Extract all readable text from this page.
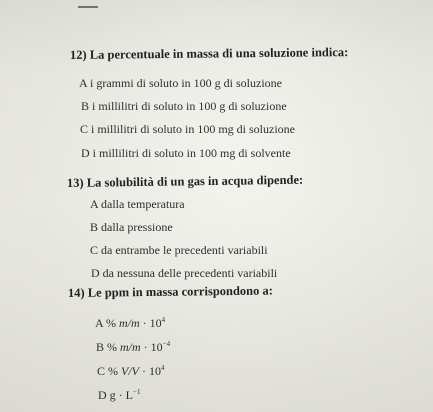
12) La percentuale in massa di una soluzione indica:
A i grammi di soluto in 100 g di soluzione
B i millilitri di soluto in 100 g di soluzione
C i millilitri di soluto in 100 mg di soluzione
D i millilitri di soluto in 100 mg di solvente
13) La solubilità di un gas in acqua dipende:
A dalla temperatura
B dalla pressione
C da entrambe le precedenti variabili
D da nessuna delle precedenti variabili
14) Le ppm in massa corrispondono a:
A % $m/m \cdot 10^4$
B % $m/m \cdot 10^{-4}$
C % $V/V \cdot 10^4$
D $g \cdot L^{-1}$
